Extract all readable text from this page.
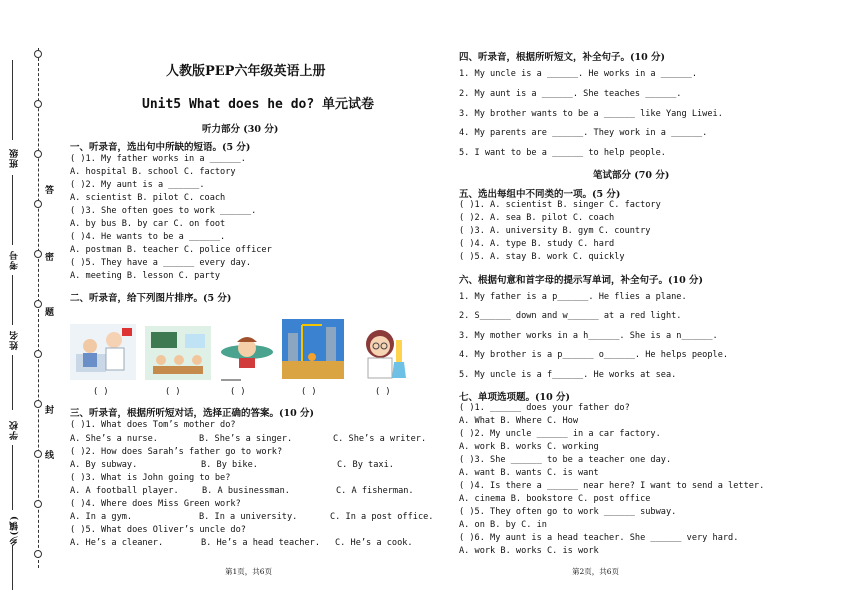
班级
考号
姓名
学校
乡(镇)
答
密
题
封
线
人教版PEP六年级英语上册
Unit5 What does he do? 单元试卷
听力部分 (30 分)
一、听录音，选出句中所缺的短语。(5 分)
( )1. My father works in a ______.
A. hospital B. school C. factory
( )2. My aunt is a ______.
A. scientist B. pilot C. coach
( )3. She often goes to work ______.
A. by bus B. by car C. on foot
( )4. He wants to be a ______.
A. postman B. teacher C. police officer
( )5. They have a ______ every day.
A. meeting B. lesson C. party
二、听录音，给下列图片排序。(5 分)
( )	( )	( )	( )	( )
三、听录音，根据所听短对话，选择正确的答案。(10 分)
( )1. What does Tom’s mother do?
A. She’s a nurse.	B. She’s a singer.	C. She’s a writer.
( )2. How does Sarah’s father go to work?
A. By subway.	B. By bike.	C. By taxi.
( )3. What is John going to be?
A. A football player.	B. A businessman.	C. A fisherman.
( )4. Where does Miss Green work?
A. In a gym.	B. In a university.	C. In a post office.
( )5. What does Oliver’s uncle do?
A. He’s a cleaner.	B. He’s a head teacher. C. He’s a cook.
第1页，共6页
四、听录音，根据所听短文，补全句子。(10 分)
1. My uncle is a ______. He works in a ______.
2. My aunt is a ______. She teaches ______.
3. My brother wants to be a ______ like Yang Liwei.
4. My parents are ______. They work in a ______.
5. I want to be a ______ to help people.
笔试部分 (70 分)
五、选出每组中不同类的一项。(5 分)
( )1. A. scientist B. singer C. factory
( )2. A. sea B. pilot C. coach
( )3. A. university B. gym C. country
( )4. A. type B. study C. hard
( )5. A. stay B. work C. quickly
六、根据句意和首字母的提示写单词，补全句子。(10 分)
1. My father is a p______. He flies a plane.
2. S______ down and w______ at a red light.
3. My mother works in a h______. She is a n______.
4. My brother is a p______ o______. He helps people.
5. My uncle is a f______. He works at sea.
七、单项选项题。(10 分)
( )1. ______ does your father do?
A. What B. Where C. How
( )2. My uncle ______ in a car factory.
A. work B. works C. working
( )3. She ______ to be a teacher one day.
A. want B. wants C. is want
( )4. Is there a ______ near here? I want to send a letter.
A. cinema B. bookstore C. post office
( )5. They often go to work ______ subway.
A. on B. by C. in
( )6. My aunt is a head teacher. She ______ very hard.
A. work B. works C. is work
第2页，共6页
